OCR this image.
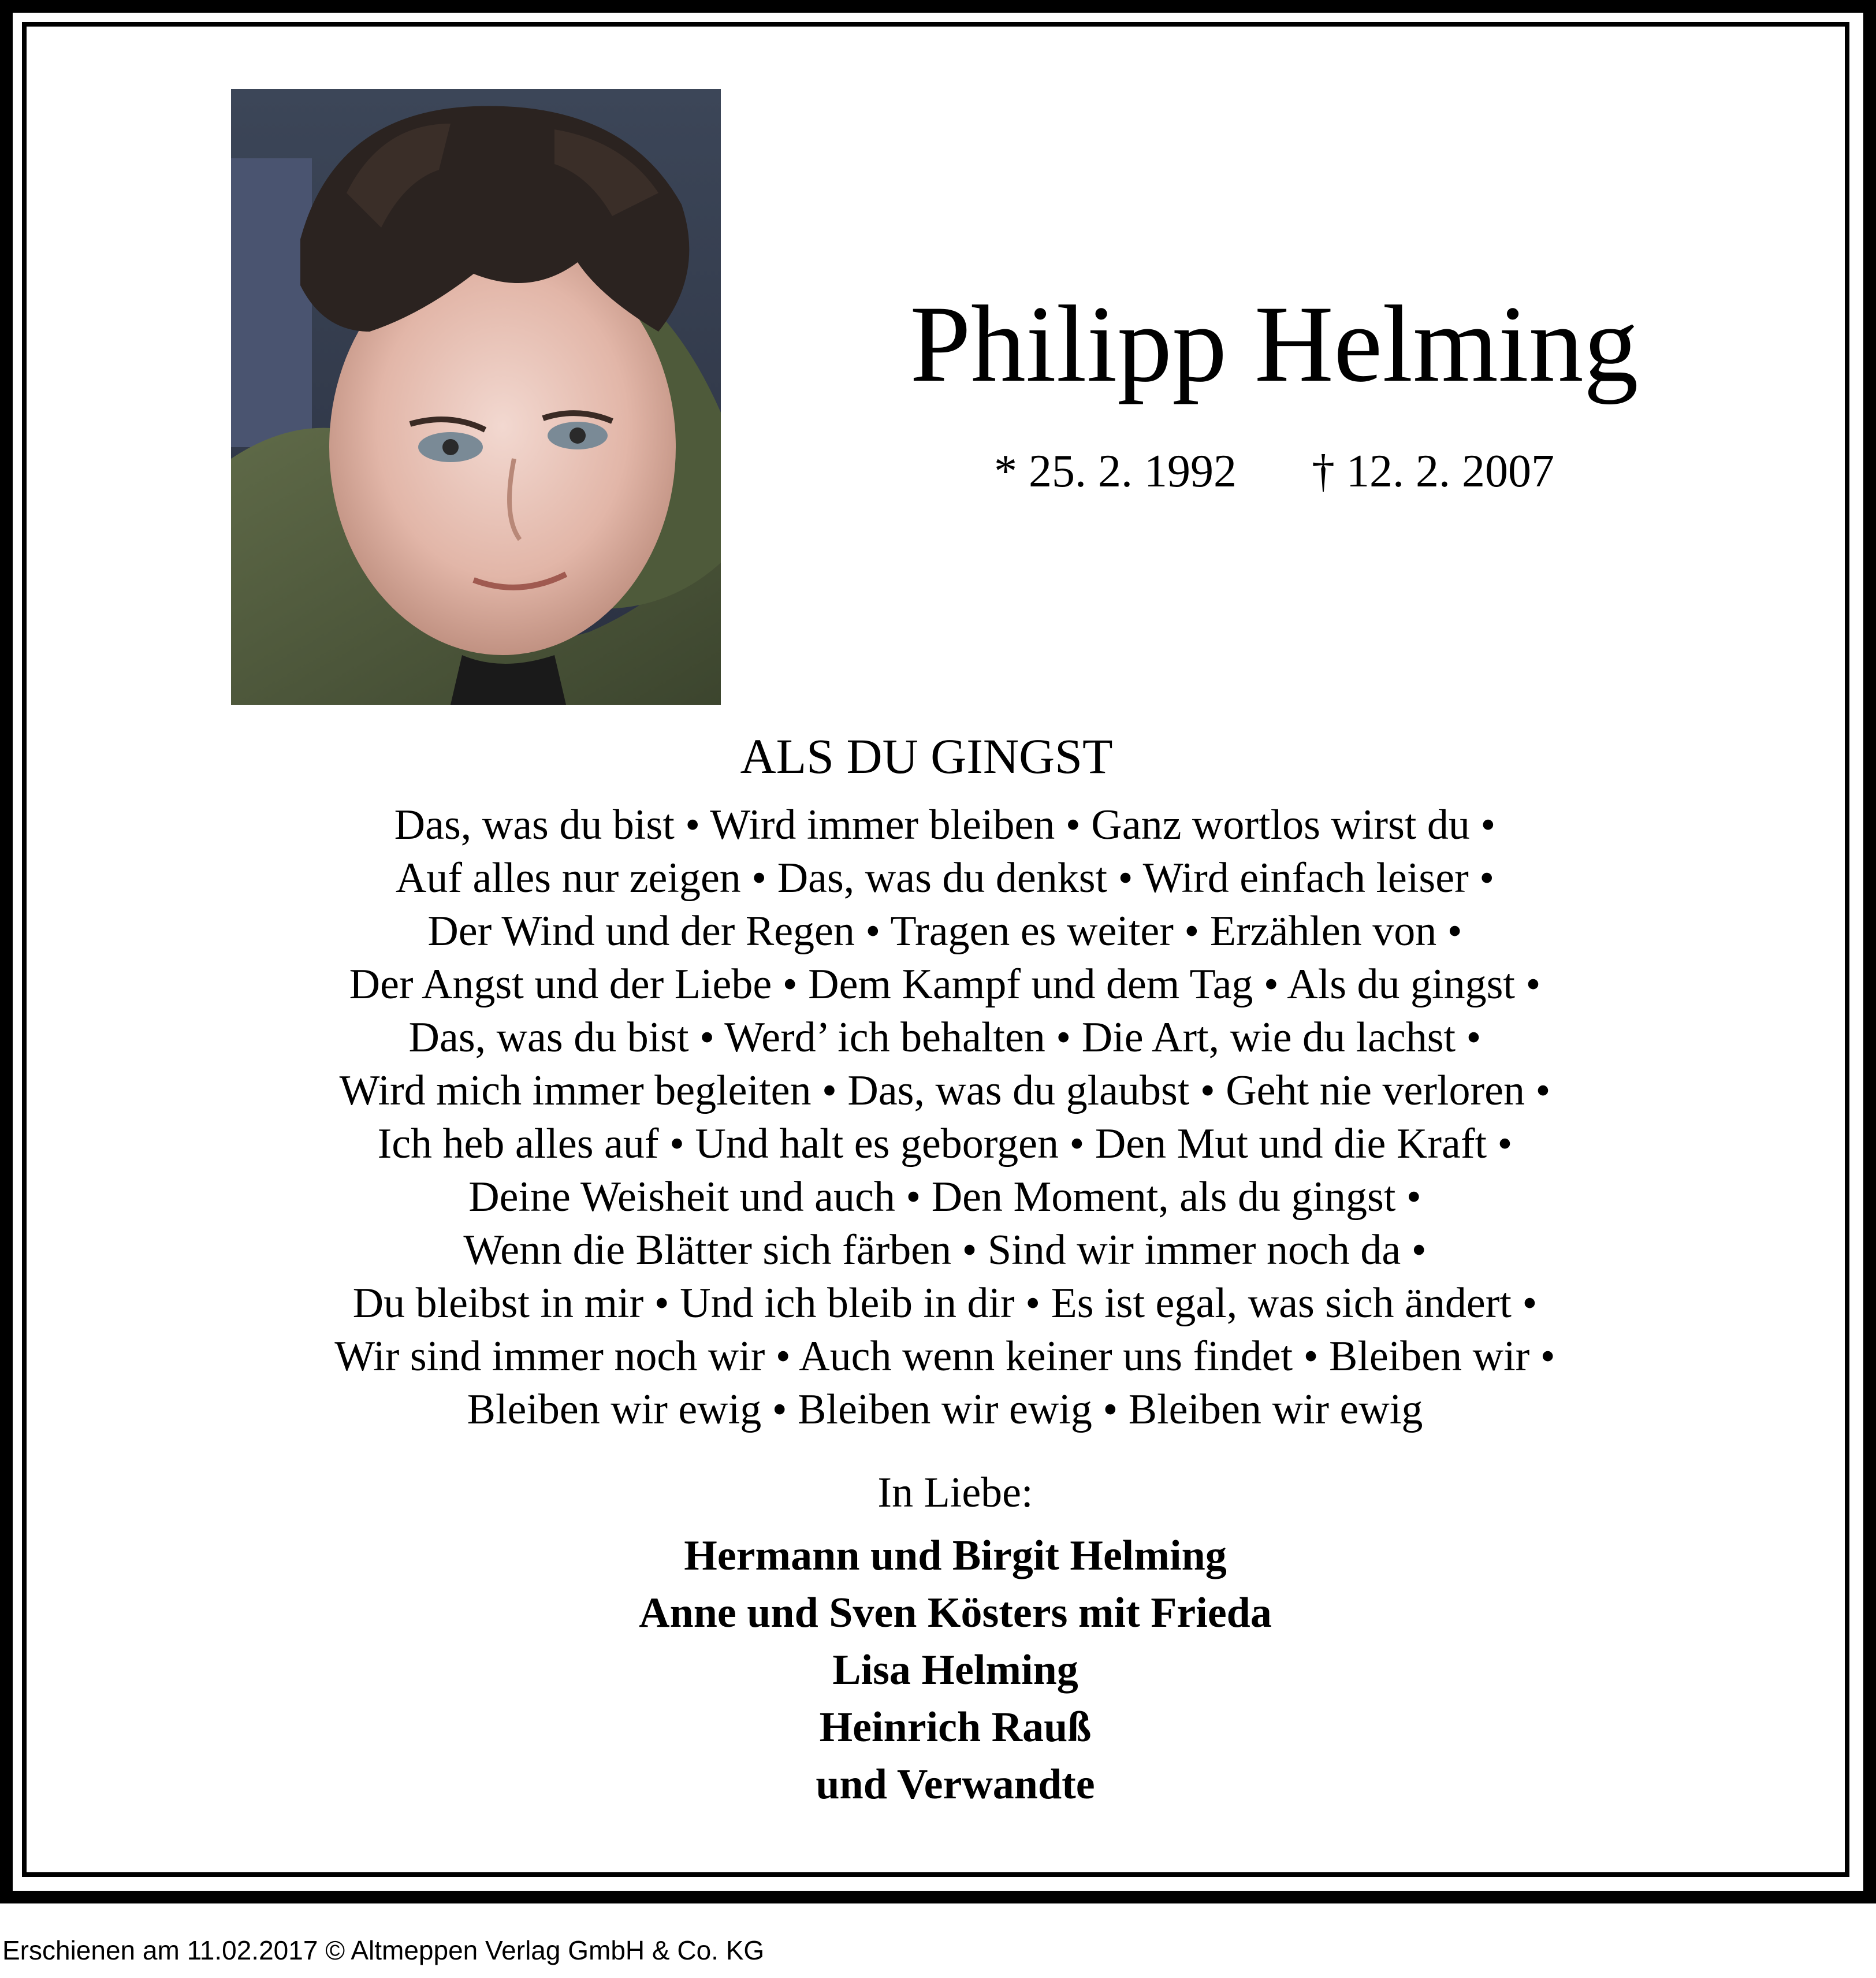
Philipp Helming
* 25. 2. 1992 † 12. 2. 2007
ALS DU GINGST
Das, was du bist • Wird immer bleiben • Ganz wortlos wirst du •
Auf alles nur zeigen • Das, was du denkst • Wird einfach leiser •
Der Wind und der Regen • Tragen es weiter • Erzählen von •
Der Angst und der Liebe • Dem Kampf und dem Tag • Als du gingst •
Das, was du bist • Werd’ ich behalten • Die Art, wie du lachst •
Wird mich immer begleiten • Das, was du glaubst • Geht nie verloren •
Ich heb alles auf • Und halt es geborgen • Den Mut und die Kraft •
Deine Weisheit und auch • Den Moment, als du gingst •
Wenn die Blätter sich färben • Sind wir immer noch da •
Du bleibst in mir • Und ich bleib in dir • Es ist egal, was sich ändert •
Wir sind immer noch wir • Auch wenn keiner uns findet • Bleiben wir •
Bleiben wir ewig • Bleiben wir ewig • Bleiben wir ewig
In Liebe:
Hermann und Birgit Helming
Anne und Sven Kösters mit Frieda
Lisa Helming
Heinrich Rauß
und Verwandte
Erschienen am 11.02.2017 © Altmeppen Verlag GmbH & Co. KG
